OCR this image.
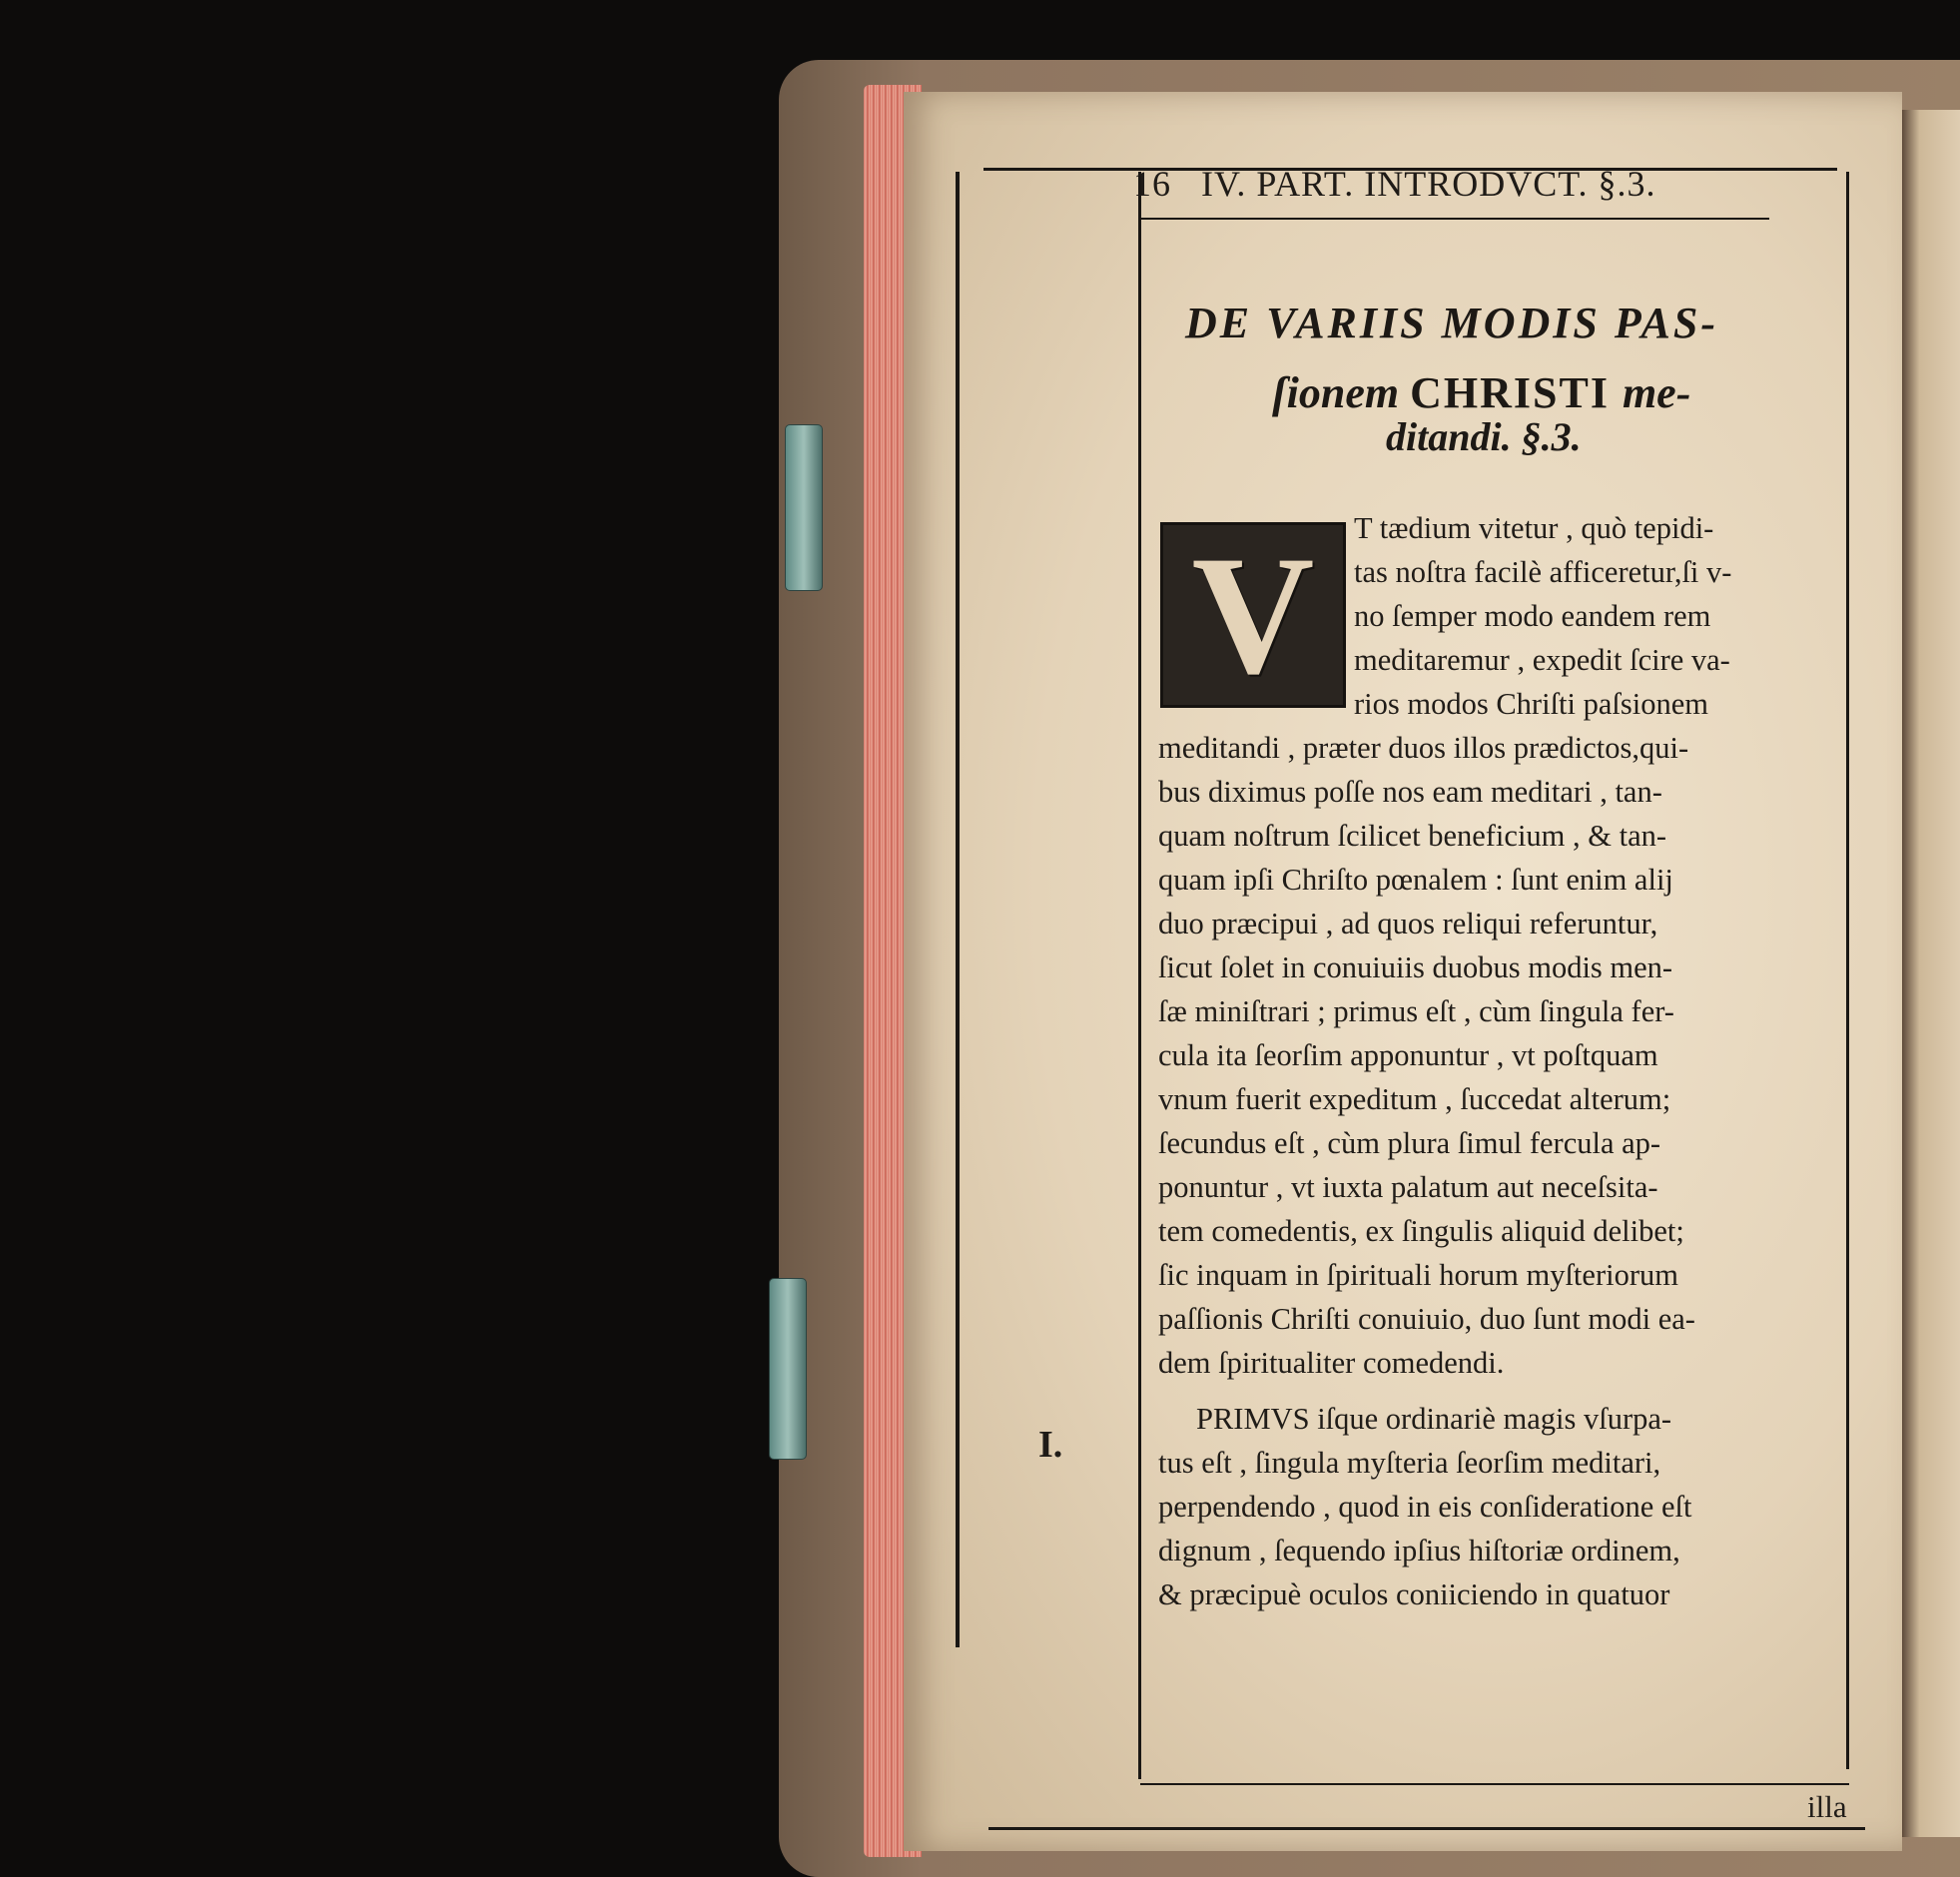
16 IV. PART. INTRODVCT. §.3.
DE VARIIS MODIS PAS-
ſionem CHRISTI me-
ditandi. §.3.
V T tædium vitetur , quò tepidi-
tas noſtra facilè afficeretur,ſi v-
no ſemper modo eandem rem
meditaremur , expedit ſcire va-
rios modos Chriſti paſsionem
meditandi , præter duos illos prædictos,qui-
bus diximus poſſe nos eam meditari , tan-
quam noſtrum ſcilicet beneficium , & tan-
quam ipſi Chriſto pœnalem : ſunt enim alij
duo præcipui , ad quos reliqui referuntur,
ſicut ſolet in conuiuiis duobus modis men-
ſæ miniſtrari ; primus eſt , cùm ſingula fer-
cula ita ſeorſim apponuntur , vt poſtquam
vnum fuerit expeditum , ſuccedat alterum;
ſecundus eſt , cùm plura ſimul fercula ap-
ponuntur , vt iuxta palatum aut neceſsita-
tem comedentis, ex ſingulis aliquid delibet;
ſic inquam in ſpirituali horum myſteriorum
paſſionis Chriſti conuiuio, duo ſunt modi ea-
dem ſpiritualiter comedendi.
PRIMVS iſque ordinariè magis vſurpa-
tus eſt , ſingula myſteria ſeorſim meditari,
perpendendo , quod in eis conſideratione eſt
dignum , ſequendo ipſius hiſtoriæ ordinem,
& præcipuè oculos coniiciendo in quatuor
I.
illa
